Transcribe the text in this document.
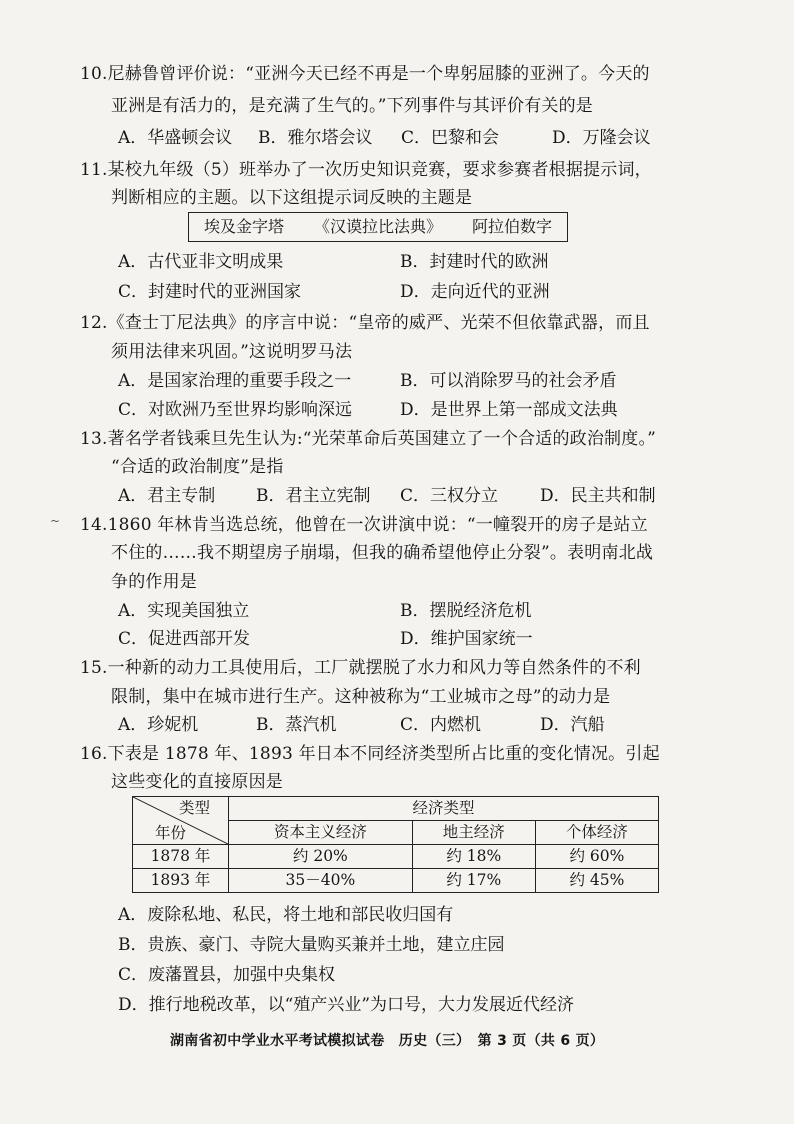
10.尼赫鲁曾评价说：“亚洲今天已经不再是一个卑躬屈膝的亚洲了。今天的
亚洲是有活力的，是充满了生气的。”下列事件与其评价有关的是
A．华盛顿会议 B．雅尔塔会议 C．巴黎和会	D．万隆会议
11.某校九年级（5）班举办了一次历史知识竞赛，要求参赛者根据提示词，
判断相应的主题。以下这组提示词反映的主题是
埃及金字塔 《汉谟拉比法典》 阿拉伯数字
A．古代亚非文明成果	B．封建时代的欧洲
C．封建时代的亚洲国家	D．走向近代的亚洲
12.《查士丁尼法典》的序言中说：“皇帝的威严、光荣不但依靠武器，而且
须用法律来巩固。”这说明罗马法
A．是国家治理的重要手段之一	B．可以消除罗马的社会矛盾
C．对欧洲乃至世界均影响深远	D．是世界上第一部成文法典
13.著名学者钱乘旦先生认为:“光荣革命后英国建立了一个合适的政治制度。”
“合适的政治制度”是指
A．君主专制 B．君主立宪制 C．三权分立 D．民主共和制
~ 14.1860 年林肯当选总统，他曾在一次讲演中说：“一幢裂开的房子是站立
不住的……我不期望房子崩塌，但我的确希望他停止分裂”。表明南北战
争的作用是
A．实现美国独立	B．摆脱经济危机
C．促进西部开发	D．维护国家统一
15.一种新的动力工具使用后，工厂就摆脱了水力和风力等自然条件的不利
限制，集中在城市进行生产。这种被称为“工业城市之母”的动力是
A．珍妮机	B．蒸汽机	C．内燃机	D．汽船
16.下表是 1878 年、1893 年日本不同经济类型所占比重的变化情况。引起
这些变化的直接原因是
类型
年份	经济类型		
	资本主义经济	地主经济	个体经济
1878 年	约 20%	约 18%	约 60%
1893 年	35－40%	约 17%	约 45%
A．废除私地、私民，将土地和部民收归国有
B．贵族、豪门、寺院大量购买兼并土地，建立庄园
C．废藩置县，加强中央集权
D．推行地税改革，以“殖产兴业”为口号，大力发展近代经济
湖南省初中学业水平考试模拟试卷　历史（三）　第 3 页（共 6 页）
